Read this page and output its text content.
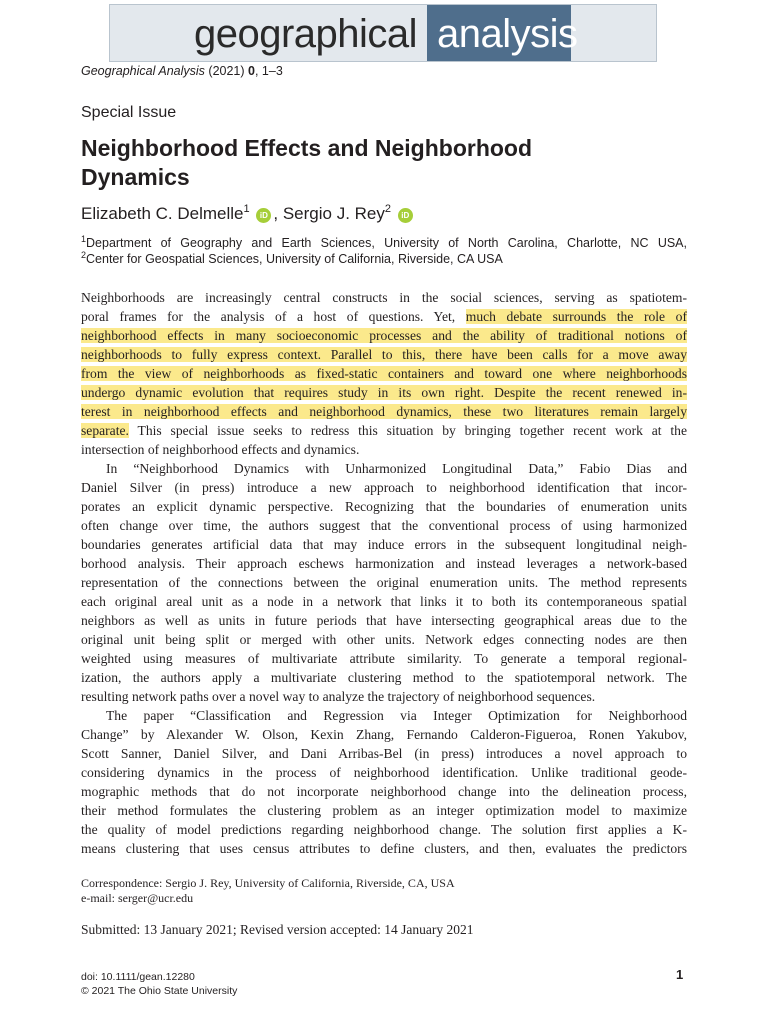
geographical analysis
Geographical Analysis (2021) 0, 1–3
Special Issue
Neighborhood Effects and Neighborhood Dynamics
Elizabeth C. Delmelle$^1$ iD , Sergio J. Rey$^2$ iD
$^1$Department of Geography and Earth Sciences, University of North Carolina, Charlotte, NC USA,
$^2$Center for Geospatial Sciences, University of California, Riverside, CA USA
Neighborhoods are increasingly central constructs in the social sciences, serving as spatiotem-
poral frames for the analysis of a host of questions. Yet, much debate surrounds the role of
neighborhood effects in many socioeconomic processes and the ability of traditional notions of
neighborhoods to fully express context. Parallel to this, there have been calls for a move away
from the view of neighborhoods as fixed-static containers and toward one where neighborhoods
undergo dynamic evolution that requires study in its own right. Despite the recent renewed in-
terest in neighborhood effects and neighborhood dynamics, these two literatures remain largely
separate. This special issue seeks to redress this situation by bringing together recent work at the
intersection of neighborhood effects and dynamics.
In “Neighborhood Dynamics with Unharmonized Longitudinal Data,” Fabio Dias and
Daniel Silver (in press) introduce a new approach to neighborhood identification that incor-
porates an explicit dynamic perspective. Recognizing that the boundaries of enumeration units
often change over time, the authors suggest that the conventional process of using harmonized
boundaries generates artificial data that may induce errors in the subsequent longitudinal neigh-
borhood analysis. Their approach eschews harmonization and instead leverages a network-based
representation of the connections between the original enumeration units. The method represents
each original areal unit as a node in a network that links it to both its contemporaneous spatial
neighbors as well as units in future periods that have intersecting geographical areas due to the
original unit being split or merged with other units. Network edges connecting nodes are then
weighted using measures of multivariate attribute similarity. To generate a temporal regional-
ization, the authors apply a multivariate clustering method to the spatiotemporal network. The
resulting network paths over a novel way to analyze the trajectory of neighborhood sequences.
The paper “Classification and Regression via Integer Optimization for Neighborhood
Change” by Alexander W. Olson, Kexin Zhang, Fernando Calderon-Figueroa, Ronen Yakubov,
Scott Sanner, Daniel Silver, and Dani Arribas-Bel (in press) introduces a novel approach to
considering dynamics in the process of neighborhood identification. Unlike traditional geode-
mographic methods that do not incorporate neighborhood change into the delineation process,
their method formulates the clustering problem as an integer optimization model to maximize
the quality of model predictions regarding neighborhood change. The solution first applies a K-
means clustering that uses census attributes to define clusters, and then, evaluates the predictors
Correspondence: Sergio J. Rey, University of California, Riverside, CA, USA
e-mail: serger@ucr.edu
Submitted: 13 January 2021; Revised version accepted: 14 January 2021
doi: 10.1111/gean.12280
© 2021 The Ohio State University
1
